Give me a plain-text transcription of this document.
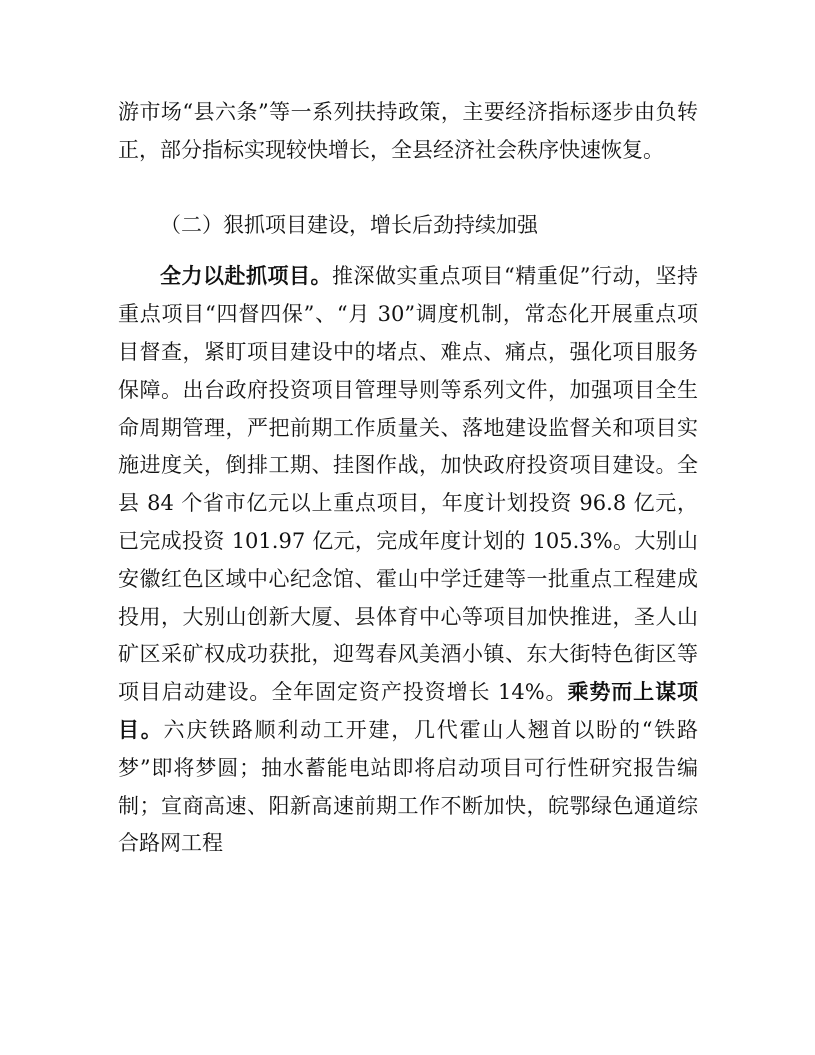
游市场“县六条”等一系列扶持政策，主要经济指标逐步由负转正，部分指标实现较快增长，全县经济社会秩序快速恢复。

（二）狠抓项目建设，增长后劲持续加强

全力以赴抓项目。推深做实重点项目“精重促”行动，坚持重点项目“四督四保”、“月 30”调度机制，常态化开展重点项目督查，紧盯项目建设中的堵点、难点、痛点，强化项目服务保障。出台政府投资项目管理导则等系列文件，加强项目全生命周期管理，严把前期工作质量关、落地建设监督关和项目实施进度关，倒排工期、挂图作战，加快政府投资项目建设。全县 84 个省市亿元以上重点项目，年度计划投资 96.8 亿元，已完成投资 101.97 亿元，完成年度计划的 105.3%。大别山安徽红色区域中心纪念馆、霍山中学迁建等一批重点工程建成投用，大别山创新大厦、县体育中心等项目加快推进，圣人山矿区采矿权成功获批，迎驾春风美酒小镇、东大街特色街区等项目启动建设。全年固定资产投资增长 14%。乘势而上谋项目。六庆铁路顺利动工开建，几代霍山人翘首以盼的“铁路梦”即将梦圆；抽水蓄能电站即将启动项目可行性研究报告编制；宣商高速、阳新高速前期工作不断加快，皖鄂绿色通道综合路网工程
